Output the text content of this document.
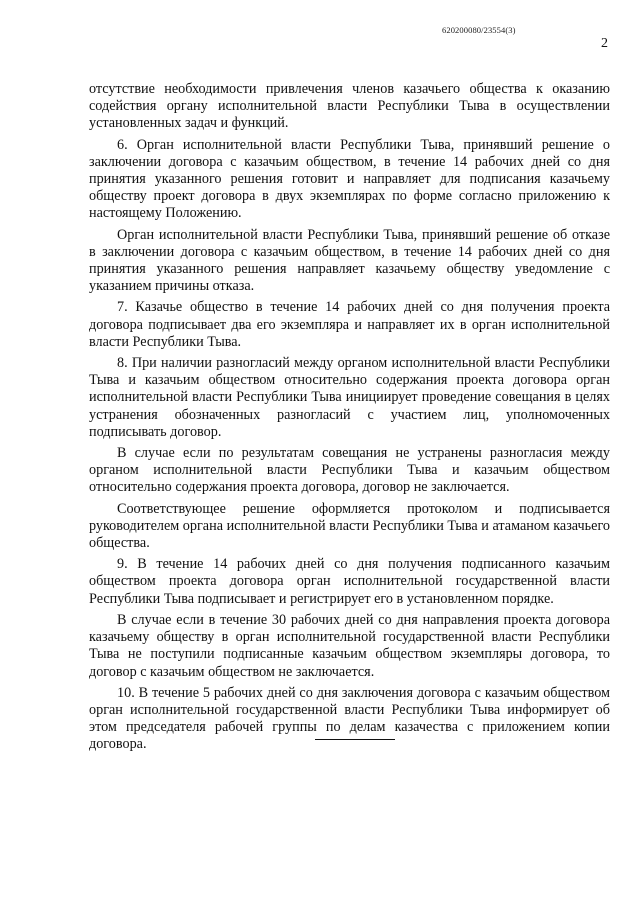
620200080/23554(3)
2

отсутствие необходимости привлечения членов казачьего общества к оказанию содействия органу исполнительной власти Республики Тыва в осуществлении установленных задач и функций.

6. Орган исполнительной власти Республики Тыва, принявший решение о заключении договора с казачьим обществом, в течение 14 рабочих дней со дня принятия указанного решения готовит и направляет для подписания казачьему обществу проект договора в двух экземплярах по форме согласно приложению к настоящему Положению.

Орган исполнительной власти Республики Тыва, принявший решение об отказе в заключении договора с казачьим обществом, в течение 14 рабочих дней со дня принятия указанного решения направляет казачьему обществу уведомление с указанием причины отказа.

7. Казачье общество в течение 14 рабочих дней со дня получения проекта договора подписывает два его экземпляра и направляет их в орган исполнительной власти Республики Тыва.

8. При наличии разногласий между органом исполнительной власти Республики Тыва и казачьим обществом относительно содержания проекта договора орган исполнительной власти Республики Тыва инициирует проведение совещания в целях устранения обозначенных разногласий с участием лиц, уполномоченных подписывать договор.

В случае если по результатам совещания не устранены разногласия между органом исполнительной власти Республики Тыва и казачьим обществом относительно содержания проекта договора, договор не заключается.

Соответствующее решение оформляется протоколом и подписывается руководителем органа исполнительной власти Республики Тыва и атаманом казачьего общества.

9. В течение 14 рабочих дней со дня получения подписанного казачьим обществом проекта договора орган исполнительной государственной власти Республики Тыва подписывает и регистрирует его в установленном порядке.

В случае если в течение 30 рабочих дней со дня направления проекта договора казачьему обществу в орган исполнительной государственной власти Республики Тыва не поступили подписанные казачьим обществом экземпляры договора, то договор с казачьим обществом не заключается.

10. В течение 5 рабочих дней со дня заключения договора с казачьим обществом орган исполнительной государственной власти Республики Тыва информирует об этом председателя рабочей группы по делам казачества с приложением копии договора.
